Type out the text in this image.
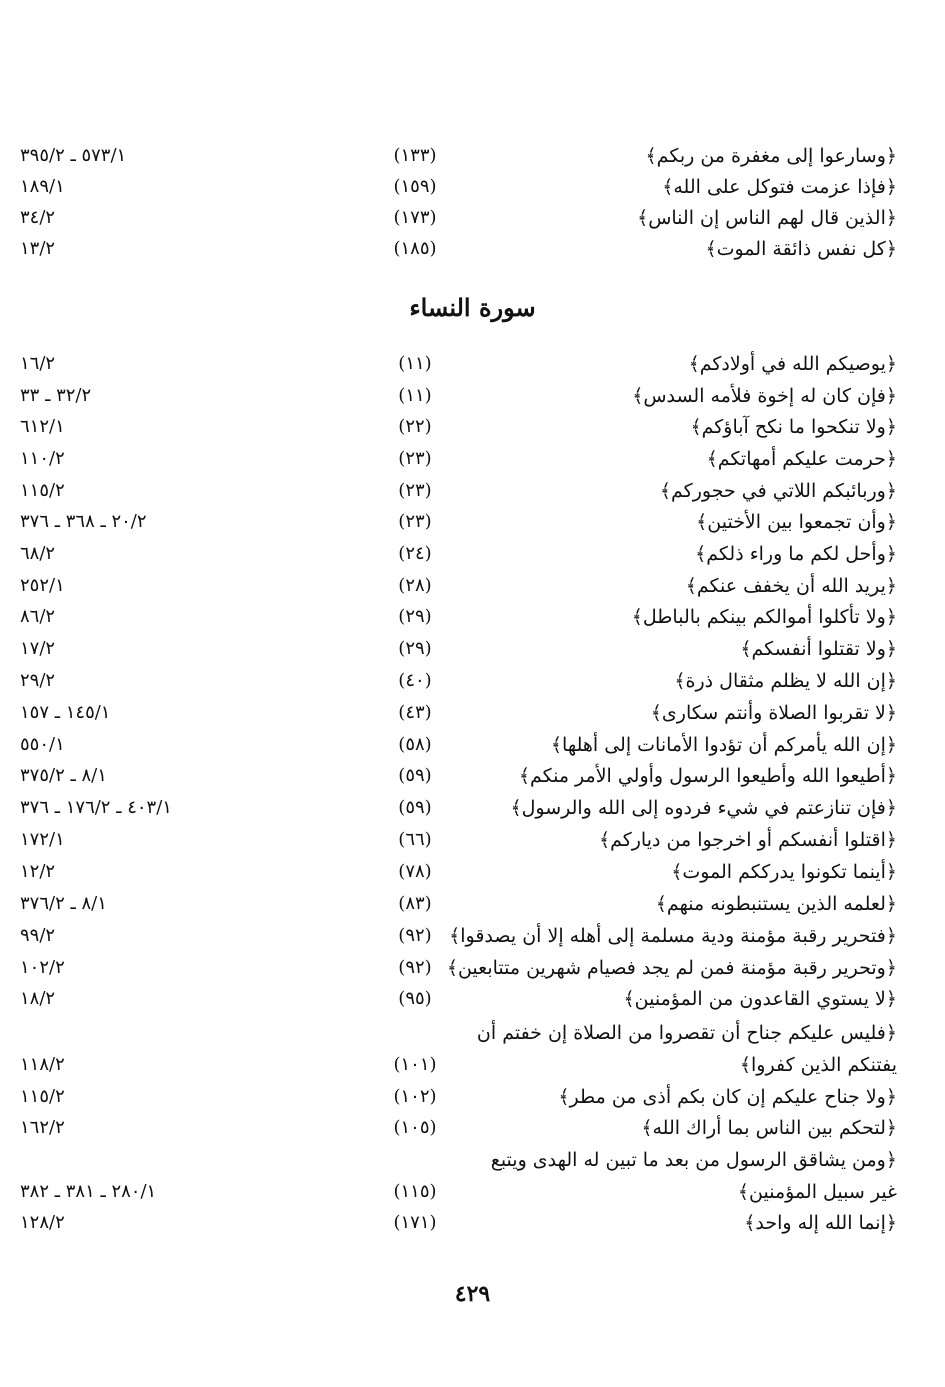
﴿وسارعوا إلى مغفرة من ربكم﴾
(١٣٣)
٥٧٣/١ ـ ٣٩٥/٢
﴿فإذا عزمت فتوكل على الله﴾
(١٥٩)
١٨٩/١
﴿الذين قال لهم الناس إن الناس﴾
(١٧٣)
٣٤/٢
﴿كل نفس ذائقة الموت﴾
(١٨٥)
١٣/٢
سورة النساء
﴿يوصيكم الله في أولادكم﴾
(١١)
١٦/٢
﴿فإن كان له إخوة فلأمه السدس﴾
(١١)
٣٢/٢ ـ ٣٣
﴿ولا تنكحوا ما نكح آباؤكم﴾
(٢٢)
٦١٢/١
﴿حرمت عليكم أمهاتكم﴾
(٢٣)
١١٠/٢
﴿وربائبكم اللاتي في حجوركم﴾
(٢٣)
١١٥/٢
﴿وأن تجمعوا بين الأختين﴾
(٢٣)
٢٠/٢ ـ ٣٦٨ ـ ٣٧٦
﴿وأحل لكم ما وراء ذلكم﴾
(٢٤)
٦٨/٢
﴿يريد الله أن يخفف عنكم﴾
(٢٨)
٢٥٢/١
﴿ولا تأكلوا أموالكم بينكم بالباطل﴾
(٢٩)
٨٦/٢
﴿ولا تقتلوا أنفسكم﴾
(٢٩)
١٧/٢
﴿إن الله لا يظلم مثقال ذرة﴾
(٤٠)
٢٩/٢
﴿لا تقربوا الصلاة وأنتم سكارى﴾
(٤٣)
١٤٥/١ ـ ١٥٧
﴿إن الله يأمركم أن تؤدوا الأمانات إلى أهلها﴾
(٥٨)
٥٥٠/١
﴿أطيعوا الله وأطيعوا الرسول وأولي الأمر منكم﴾
(٥٩)
٨/١ ـ ٣٧٥/٢
﴿فإن تنازعتم في شيء فردوه إلى الله والرسول﴾
(٥٩)
٤٠٣/١ ـ ١٧٦/٢ ـ ٣٧٦
﴿اقتلوا أنفسكم أو اخرجوا من دياركم﴾
(٦٦)
١٧٢/١
﴿أينما تكونوا يدرككم الموت﴾
(٧٨)
١٢/٢
﴿لعلمه الذين يستنبطونه منهم﴾
(٨٣)
٨/١ ـ ٣٧٦/٢
﴿فتحرير رقبة مؤمنة ودية مسلمة إلى أهله إلا أن يصدقوا﴾
(٩٢)
٩٩/٢
﴿وتحرير رقبة مؤمنة فمن لم يجد فصيام شهرين متتابعين﴾
(٩٢)
١٠٢/٢
﴿لا يستوي القاعدون من المؤمنين﴾
(٩٥)
١٨/٢
﴿فليس عليكم جناح أن تقصروا من الصلاة إن خفتم أن
يفتنكم الذين كفروا﴾
(١٠١)
١١٨/٢
﴿ولا جناح عليكم إن كان بكم أذى من مطر﴾
(١٠٢)
١١٥/٢
﴿لتحكم بين الناس بما أراك الله﴾
(١٠٥)
١٦٢/٢
﴿ومن يشاقق الرسول من بعد ما تبين له الهدى ويتبع
غير سبيل المؤمنين﴾
(١١٥)
٢٨٠/١ ـ ٣٨١ ـ ٣٨٢
﴿إنما الله إله واحد﴾
(١٧١)
١٢٨/٢
٤٢٩
